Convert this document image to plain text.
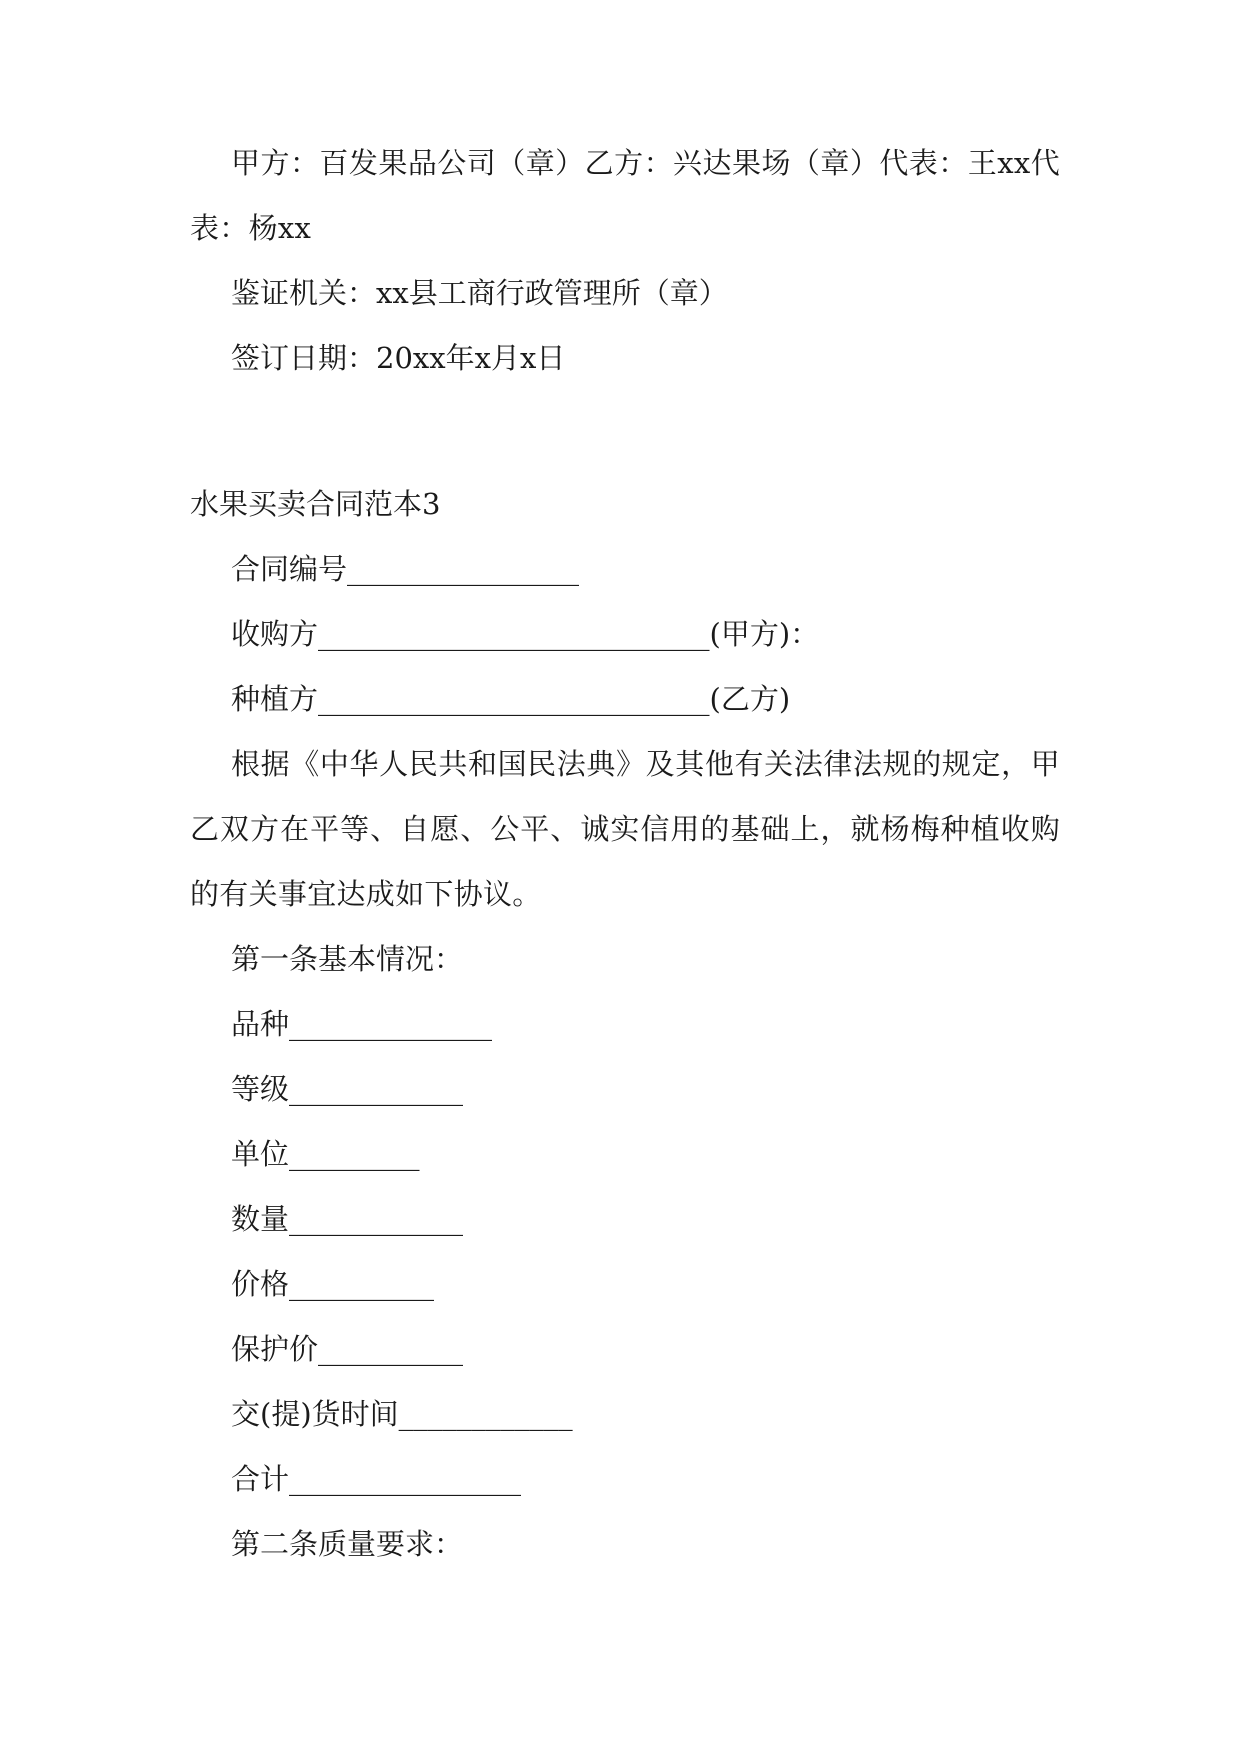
甲方：百发果品公司（章）乙方：兴达果场（章）代表：王xx代表：杨xx

鉴证机关：xx县工商行政管理所（章）

签订日期：20xx年x月x日

水果买卖合同范本3

合同编号________________

收购方___________________________(甲方)：

种植方___________________________(乙方)

根据《中华人民共和国民法典》及其他有关法律法规的规定，甲乙双方在平等、自愿、公平、诚实信用的基础上，就杨梅种植收购的有关事宜达成如下协议。

第一条基本情况：

品种______________

等级____________

单位_________

数量____________

价格__________

保护价__________

交(提)货时间____________

合计________________

第二条质量要求：
